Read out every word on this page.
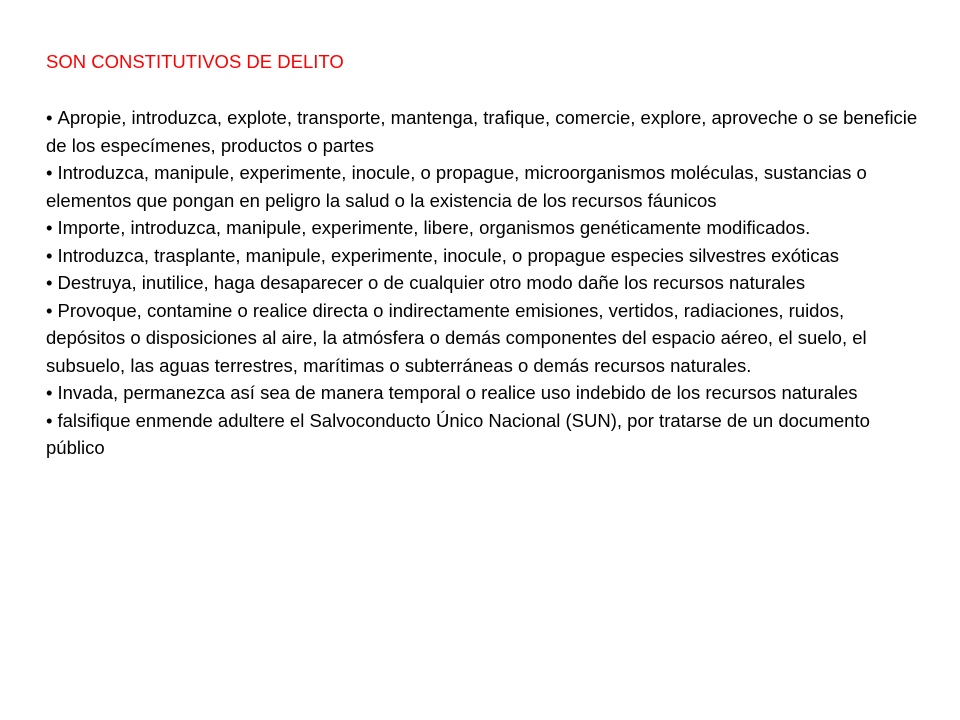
SON CONSTITUTIVOS DE DELITO
• Apropie, introduzca, explote, transporte, mantenga, trafique, comercie, explore, aproveche o se beneficie de los especímenes, productos o partes
• Introduzca, manipule, experimente, inocule, o propague, microorganismos moléculas, sustancias o elementos que pongan en peligro la salud o la existencia de los recursos fáunicos
• Importe, introduzca, manipule, experimente, libere, organismos genéticamente modificados.
• Introduzca, trasplante, manipule, experimente, inocule, o propague especies silvestres exóticas
• Destruya, inutilice, haga desaparecer o de cualquier otro modo dañe los recursos naturales
• Provoque, contamine o realice directa o indirectamente emisiones, vertidos, radiaciones, ruidos, depósitos o disposiciones al aire, la atmósfera o demás componentes del espacio aéreo, el suelo, el subsuelo, las aguas terrestres, marítimas o subterráneas o demás recursos naturales.
• Invada, permanezca así sea de manera temporal o realice uso indebido de los recursos naturales
• falsifique enmende adultere el Salvoconducto Único Nacional (SUN), por tratarse de un documento público
